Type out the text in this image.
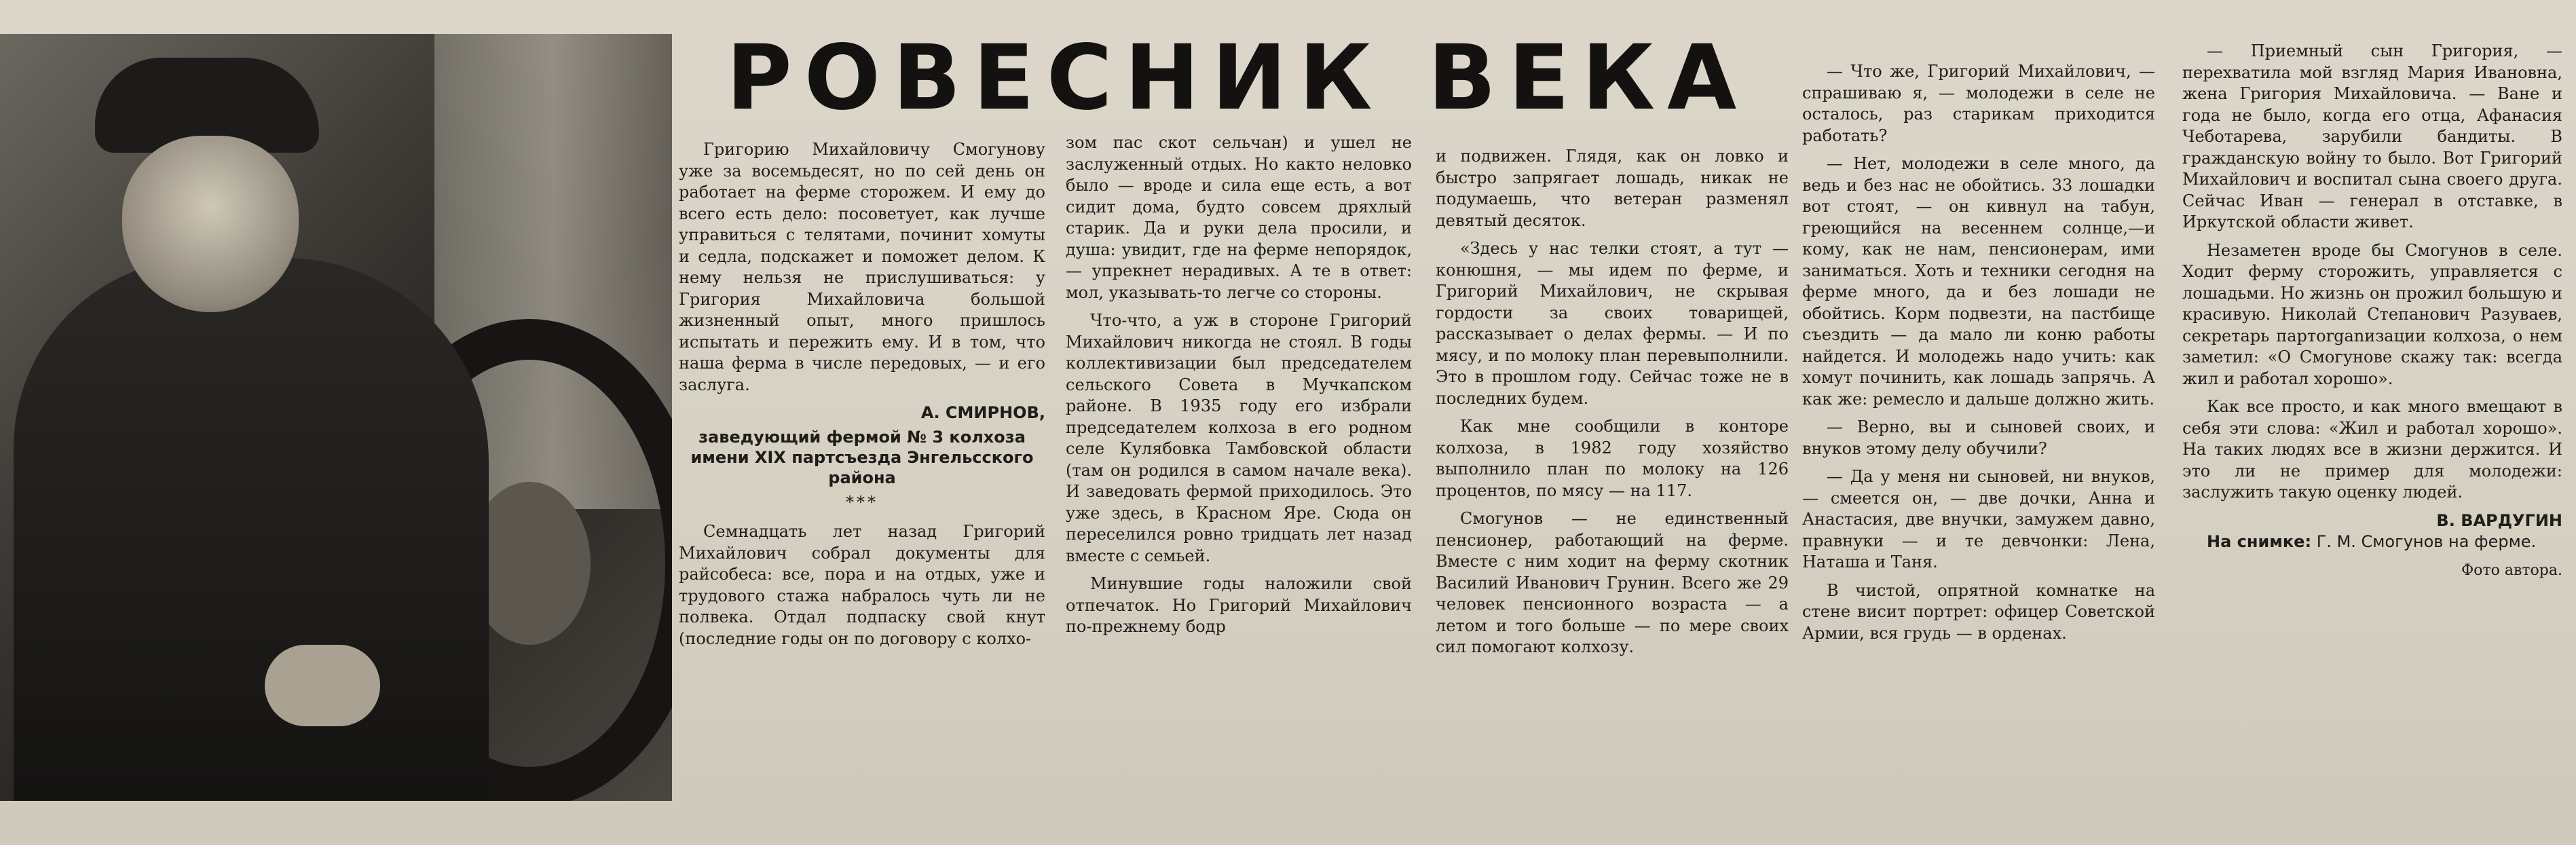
РОВЕСНИК ВЕКА

Григорию Михайловичу Смогунову уже за восемьдесят, но по сей день он работает на ферме сторожем. И ему до всего есть дело: посоветует, как лучше управиться с телятами, починит хомуты и седла, подскажет и поможет делом. К нему нельзя не прислушиваться: у Григория Михайловича большой жизненный опыт, много пришлось испытать и пережить ему. И в том, что наша ферма в числе передовых, — и его заслуга.

А. СМИРНОВ,
заведующий фермой № 3 колхоза имени XIX партсъезда Энгельсского района
***

Семнадцать лет назад Григорий Михайлович собрал документы для райсобеса: все, пора и на отдых, уже и трудового стажа набралось чуть ли не полвека. Отдал подпаску свой кнут (последние годы он по договору с колхо-

зом пас скот сельчан) и ушел не заслуженный отдых. Но както неловко было — вроде и сила еще есть, а вот сидит дома, будто совсем дряхлый старик. Да и руки дела просили, и душа: увидит, где на ферме непорядок, — упрекнет нерадивых. А те в ответ: мол, указывать-то легче со стороны.

Что-что, а уж в стороне Григорий Михайлович никогда не стоял. В годы коллективизации был председателем сельского Совета в Мучкапском районе. В 1935 году его избрали председателем колхоза в его родном селе Кулябовка Тамбовской области (там он родился в самом начале века). И заведовать фермой приходилось. Это уже здесь, в Красном Яре. Сюда он переселился ровно тридцать лет назад вместе с семьей.

Минувшие годы наложили свой отпечаток. Но Григорий Михайлович по-прежнему бодр

и подвижен. Глядя, как он ловко и быстро запрягает лошадь, никак не подумаешь, что ветеран разменял девятый десяток.

«Здесь у нас телки стоят, а тут — конюшня, — мы идем по ферме, и Григорий Михайлович, не скрывая гордости за своих товарищей, рассказывает о делах фермы. — И по мясу, и по молоку план перевыполнили. Это в прошлом году. Сейчас тоже не в последних будем.

Как мне сообщили в конторе колхоза, в 1982 году хозяйство выполнило план по молоку на 126 процентов, по мясу — на 117.

Смогунов — не единственный пенсионер, работающий на ферме. Вместе с ним ходит на ферму скотник Василий Иванович Грунин. Всего же 29 человек пенсионного возраста — а летом и того больше — по мере своих сил помогают колхозу.

— Что же, Григорий Михайлович, — спрашиваю я, — молодежи в селе не осталось, раз старикам приходится работать?

— Нет, молодежи в селе много, да ведь и без нас не обойтись. 33 лошадки вот стоят, — он кивнул на табун, греющийся на весеннем солнце,—и кому, как не нам, пенсионерам, ими заниматься. Хоть и техники сегодня на ферме много, да и без лошади не обойтись. Корм подвезти, на пастбище съездить — да мало ли коню работы найдется. И молодежь надо учить: как хомут починить, как лошадь запрячь. А как же: ремесло и дальше должно жить.

— Верно, вы и сыновей своих, и внуков этому делу обучили?

— Да у меня ни сыновей, ни внуков, — смеется он, — две дочки, Анна и Анастасия, две внучки, замужем давно, правнуки — и те девчонки: Лена, Наташа и Таня.

В чистой, опрятной комнатке на стене висит портрет: офицер Советской Армии, вся грудь — в орденах.

— Приемный сын Григория, — перехватила мой взгляд Мария Ивановна, жена Григория Михайловича. — Ване и года не было, когда его отца, Афанасия Чеботарева, зарубили бандиты. В гражданскую войну то было. Вот Григорий Михайлович и воспитал сына своего друга. Сейчас Иван — генерал в отставке, в Иркутской области живет.

Незаметен вроде бы Смогунов в селе. Ходит ферму сторожить, управляется с лошадьми. Но жизнь он прожил большую и красивую. Николай Степанович Разуваев, секретарь партorganизации колхоза, о нем заметил: «О Смогунове скажу так: всегда жил и работал хорошо».

Как все просто, и как много вмещают в себя эти слова: «Жил и работал хорошо». На таких людях все в жизни держится. И это ли не пример для молодежи: заслужить такую оценку людей.

В. ВАРДУГИН

На снимке: Г. М. Смогунов на ферме.

Фото автора.
